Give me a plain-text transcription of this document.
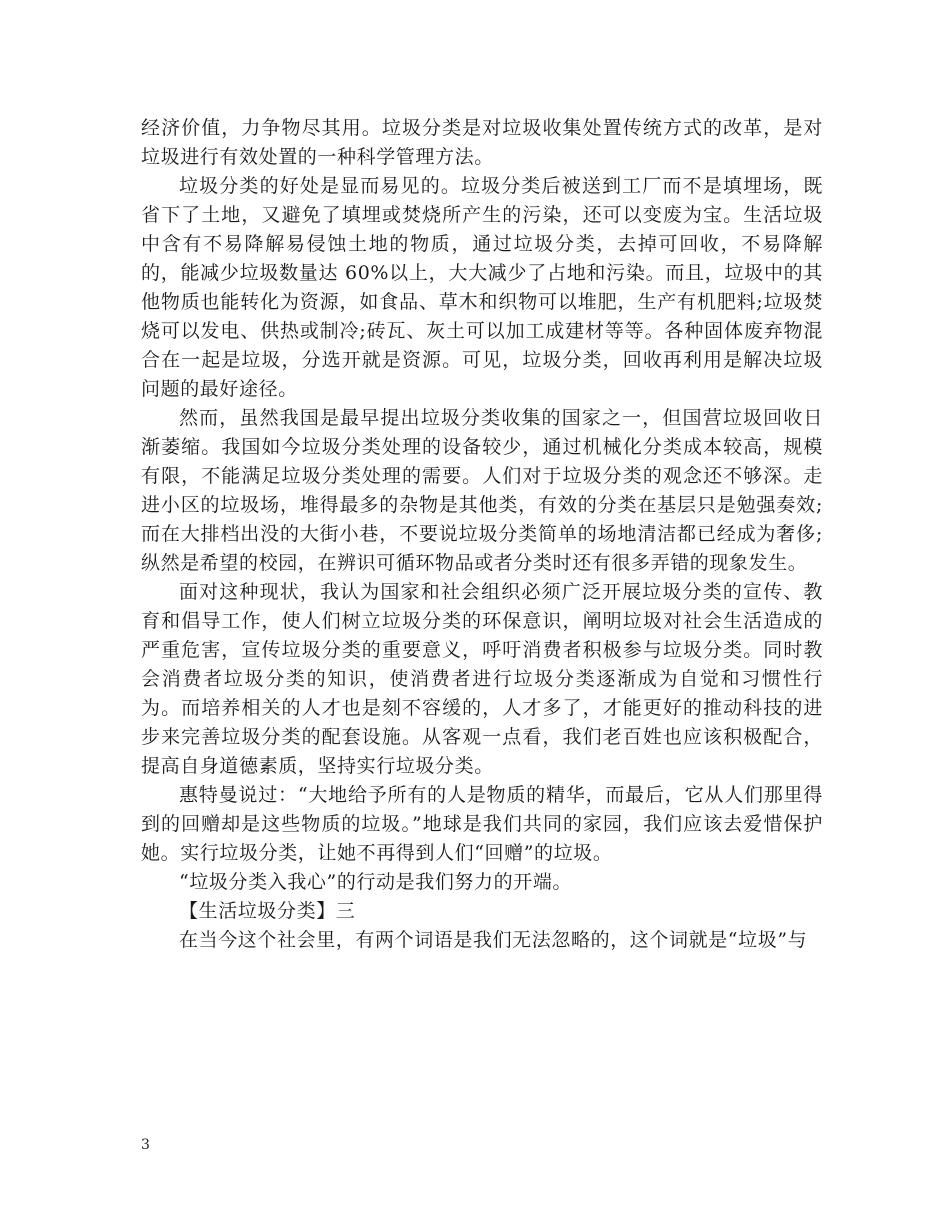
经济价值，力争物尽其用。垃圾分类是对垃圾收集处置传统方式的改革，是对垃圾进行有效处置的一种科学管理方法。

垃圾分类的好处是显而易见的。垃圾分类后被送到工厂而不是填埋场，既省下了土地，又避免了填埋或焚烧所产生的污染，还可以变废为宝。生活垃圾中含有不易降解易侵蚀土地的物质，通过垃圾分类，去掉可回收，不易降解的，能减少垃圾数量达 60%以上，大大减少了占地和污染。而且，垃圾中的其他物质也能转化为资源，如食品、草木和织物可以堆肥，生产有机肥料;垃圾焚烧可以发电、供热或制冷;砖瓦、灰土可以加工成建材等等。各种固体废弃物混合在一起是垃圾，分选开就是资源。可见，垃圾分类，回收再利用是解决垃圾问题的最好途径。

然而，虽然我国是最早提出垃圾分类收集的国家之一，但国营垃圾回收日渐萎缩。我国如今垃圾分类处理的设备较少，通过机械化分类成本较高，规模有限，不能满足垃圾分类处理的需要。人们对于垃圾分类的观念还不够深。走进小区的垃圾场，堆得最多的杂物是其他类，有效的分类在基层只是勉强奏效;而在大排档出没的大街小巷，不要说垃圾分类简单的场地清洁都已经成为奢侈;纵然是希望的校园，在辨识可循环物品或者分类时还有很多弄错的现象发生。

面对这种现状，我认为国家和社会组织必须广泛开展垃圾分类的宣传、教育和倡导工作，使人们树立垃圾分类的环保意识，阐明垃圾对社会生活造成的严重危害，宣传垃圾分类的重要意义，呼吁消费者积极参与垃圾分类。同时教会消费者垃圾分类的知识，使消费者进行垃圾分类逐渐成为自觉和习惯性行为。而培养相关的人才也是刻不容缓的，人才多了，才能更好的推动科技的进步来完善垃圾分类的配套设施。从客观一点看，我们老百姓也应该积极配合，提高自身道德素质，坚持实行垃圾分类。

惠特曼说过：“大地给予所有的人是物质的精华，而最后，它从人们那里得到的回赠却是这些物质的垃圾。”地球是我们共同的家园，我们应该去爱惜保护她。实行垃圾分类，让她不再得到人们“回赠”的垃圾。

“垃圾分类入我心”的行动是我们努力的开端。

【生活垃圾分类】三

在当今这个社会里，有两个词语是我们无法忽略的，这个词就是“垃圾”与

3
